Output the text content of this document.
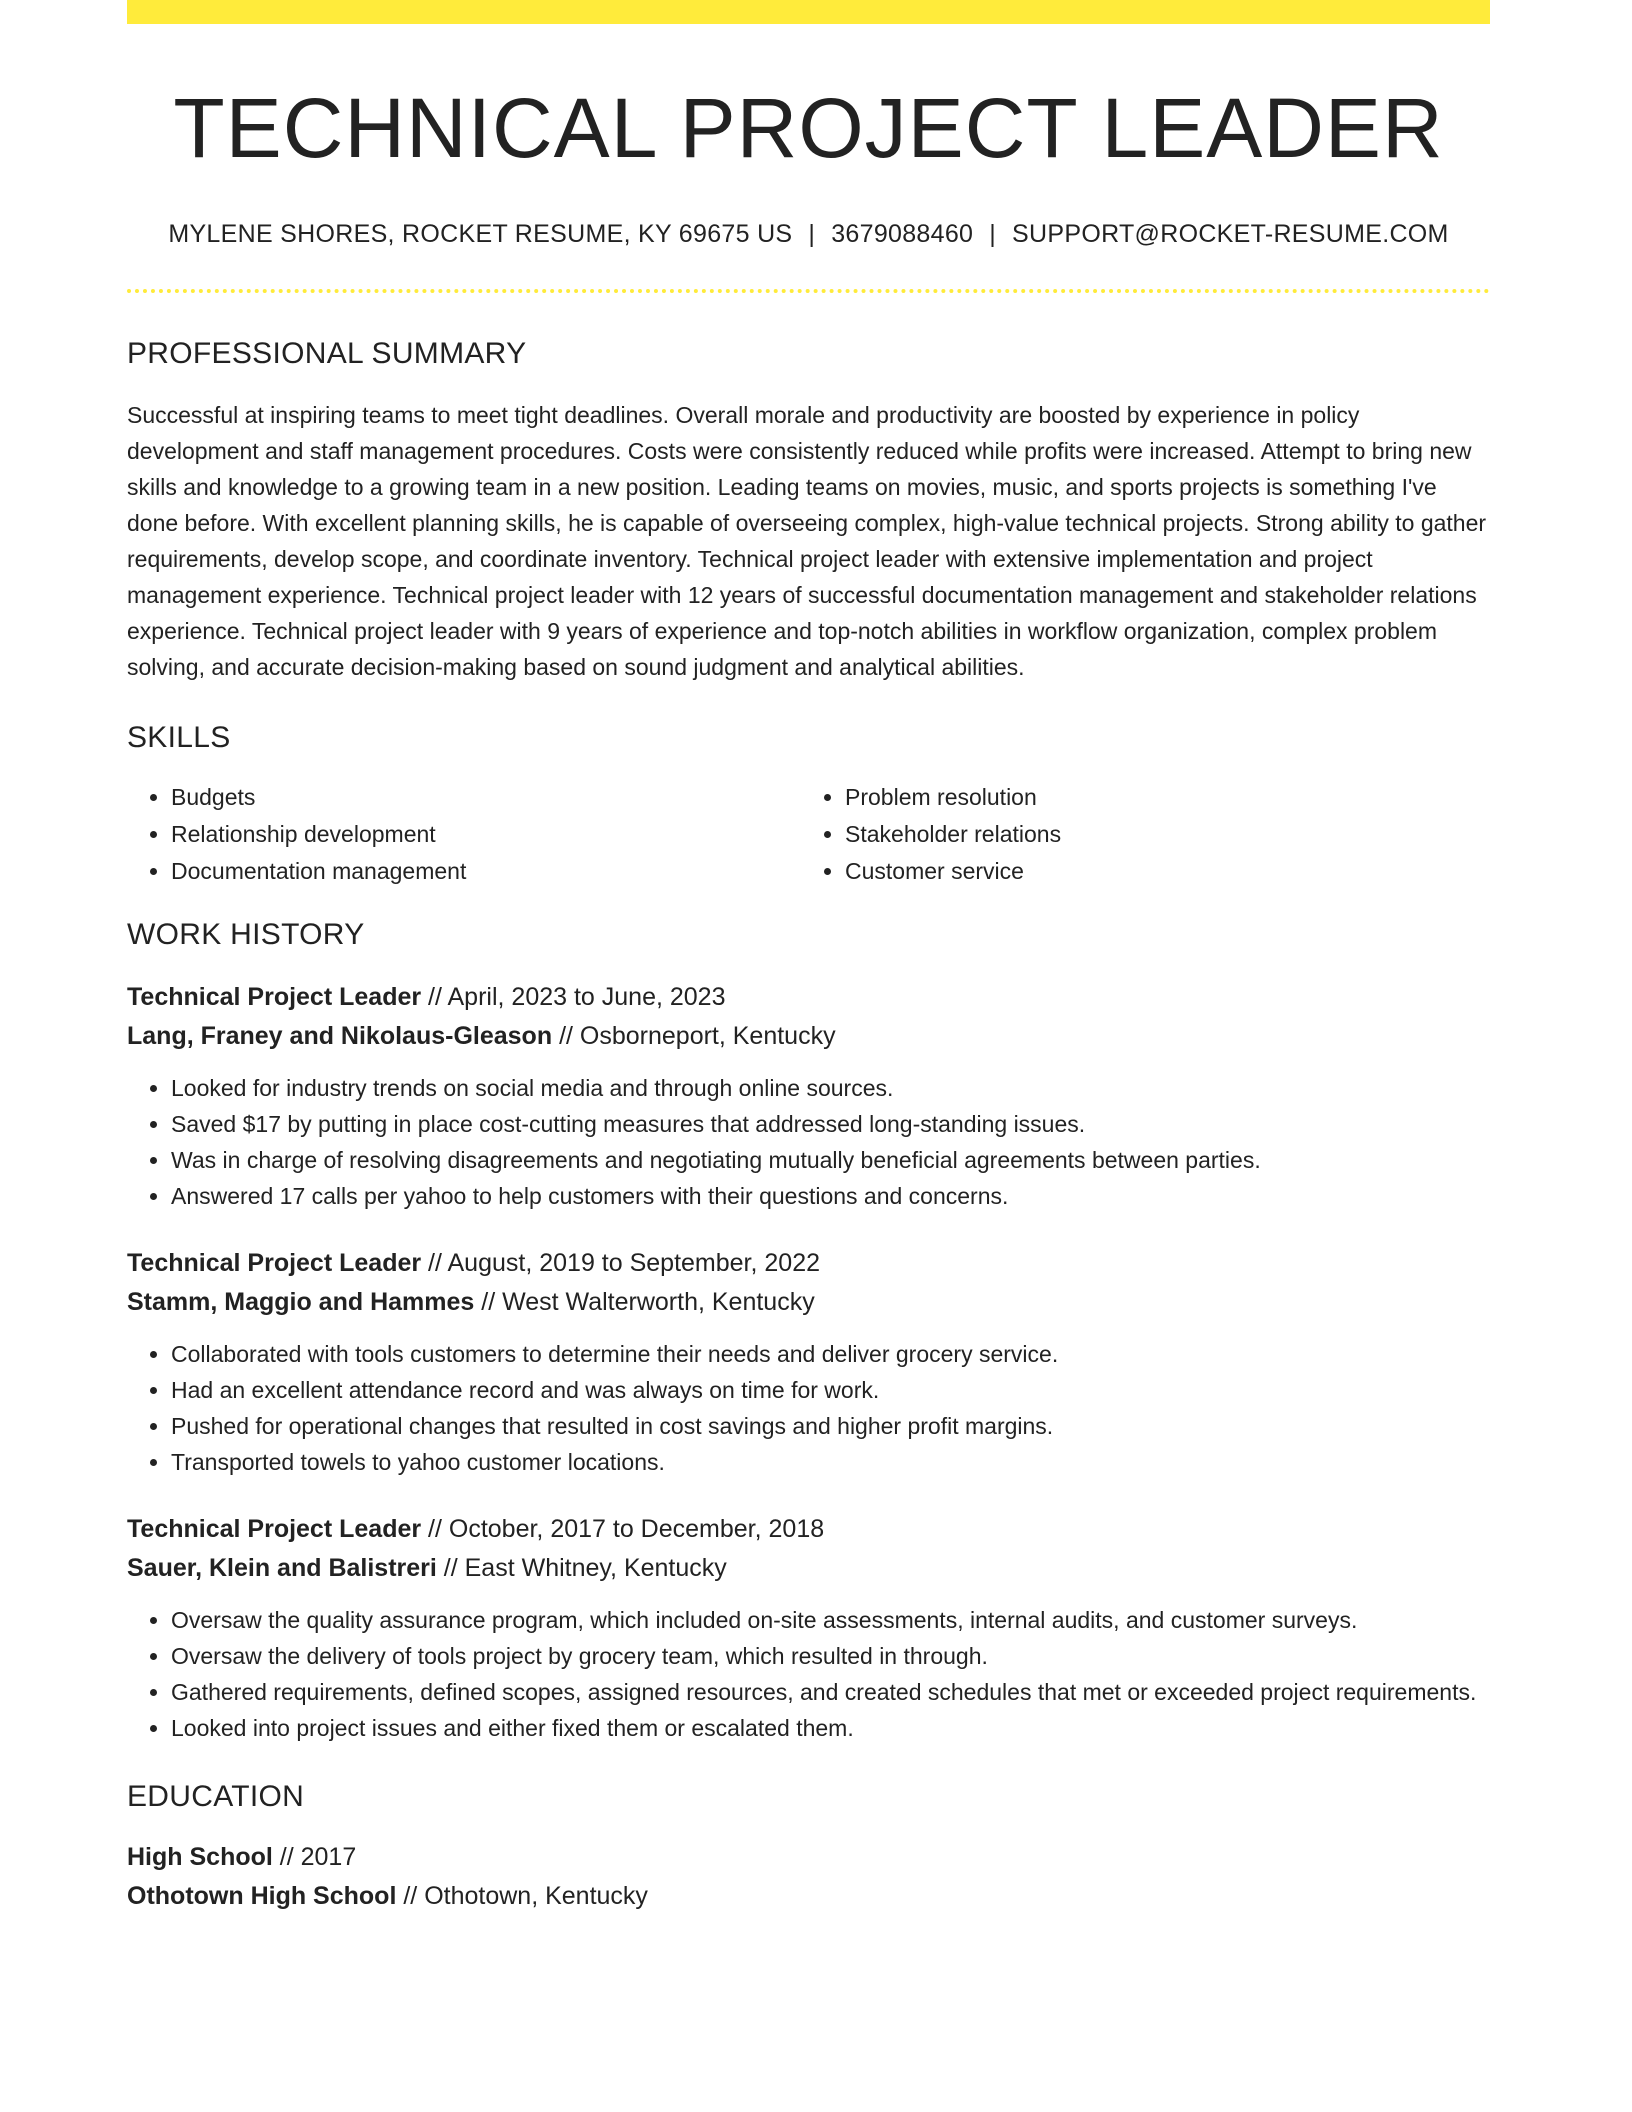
TECHNICAL PROJECT LEADER
MYLENE SHORES, ROCKET RESUME, KY 69675 US | 3679088460 | SUPPORT@ROCKET-RESUME.COM
PROFESSIONAL SUMMARY
Successful at inspiring teams to meet tight deadlines. Overall morale and productivity are boosted by experience in policy development and staff management procedures. Costs were consistently reduced while profits were increased. Attempt to bring new skills and knowledge to a growing team in a new position. Leading teams on movies, music, and sports projects is something I've done before. With excellent planning skills, he is capable of overseeing complex, high-value technical projects. Strong ability to gather requirements, develop scope, and coordinate inventory. Technical project leader with extensive implementation and project management experience. Technical project leader with 12 years of successful documentation management and stakeholder relations experience. Technical project leader with 9 years of experience and top-notch abilities in workflow organization, complex problem solving, and accurate decision-making based on sound judgment and analytical abilities.
SKILLS
• Budgets
• Relationship development
• Documentation management
• Problem resolution
• Stakeholder relations
• Customer service
WORK HISTORY
Technical Project Leader // April, 2023 to June, 2023
Lang, Franey and Nikolaus-Gleason // Osborneport, Kentucky
• Looked for industry trends on social media and through online sources.
• Saved $17 by putting in place cost-cutting measures that addressed long-standing issues.
• Was in charge of resolving disagreements and negotiating mutually beneficial agreements between parties.
• Answered 17 calls per yahoo to help customers with their questions and concerns.
Technical Project Leader // August, 2019 to September, 2022
Stamm, Maggio and Hammes // West Walterworth, Kentucky
• Collaborated with tools customers to determine their needs and deliver grocery service.
• Had an excellent attendance record and was always on time for work.
• Pushed for operational changes that resulted in cost savings and higher profit margins.
• Transported towels to yahoo customer locations.
Technical Project Leader // October, 2017 to December, 2018
Sauer, Klein and Balistreri // East Whitney, Kentucky
• Oversaw the quality assurance program, which included on-site assessments, internal audits, and customer surveys.
• Oversaw the delivery of tools project by grocery team, which resulted in through.
• Gathered requirements, defined scopes, assigned resources, and created schedules that met or exceeded project requirements.
• Looked into project issues and either fixed them or escalated them.
EDUCATION
High School // 2017
Othotown High School // Othotown, Kentucky
